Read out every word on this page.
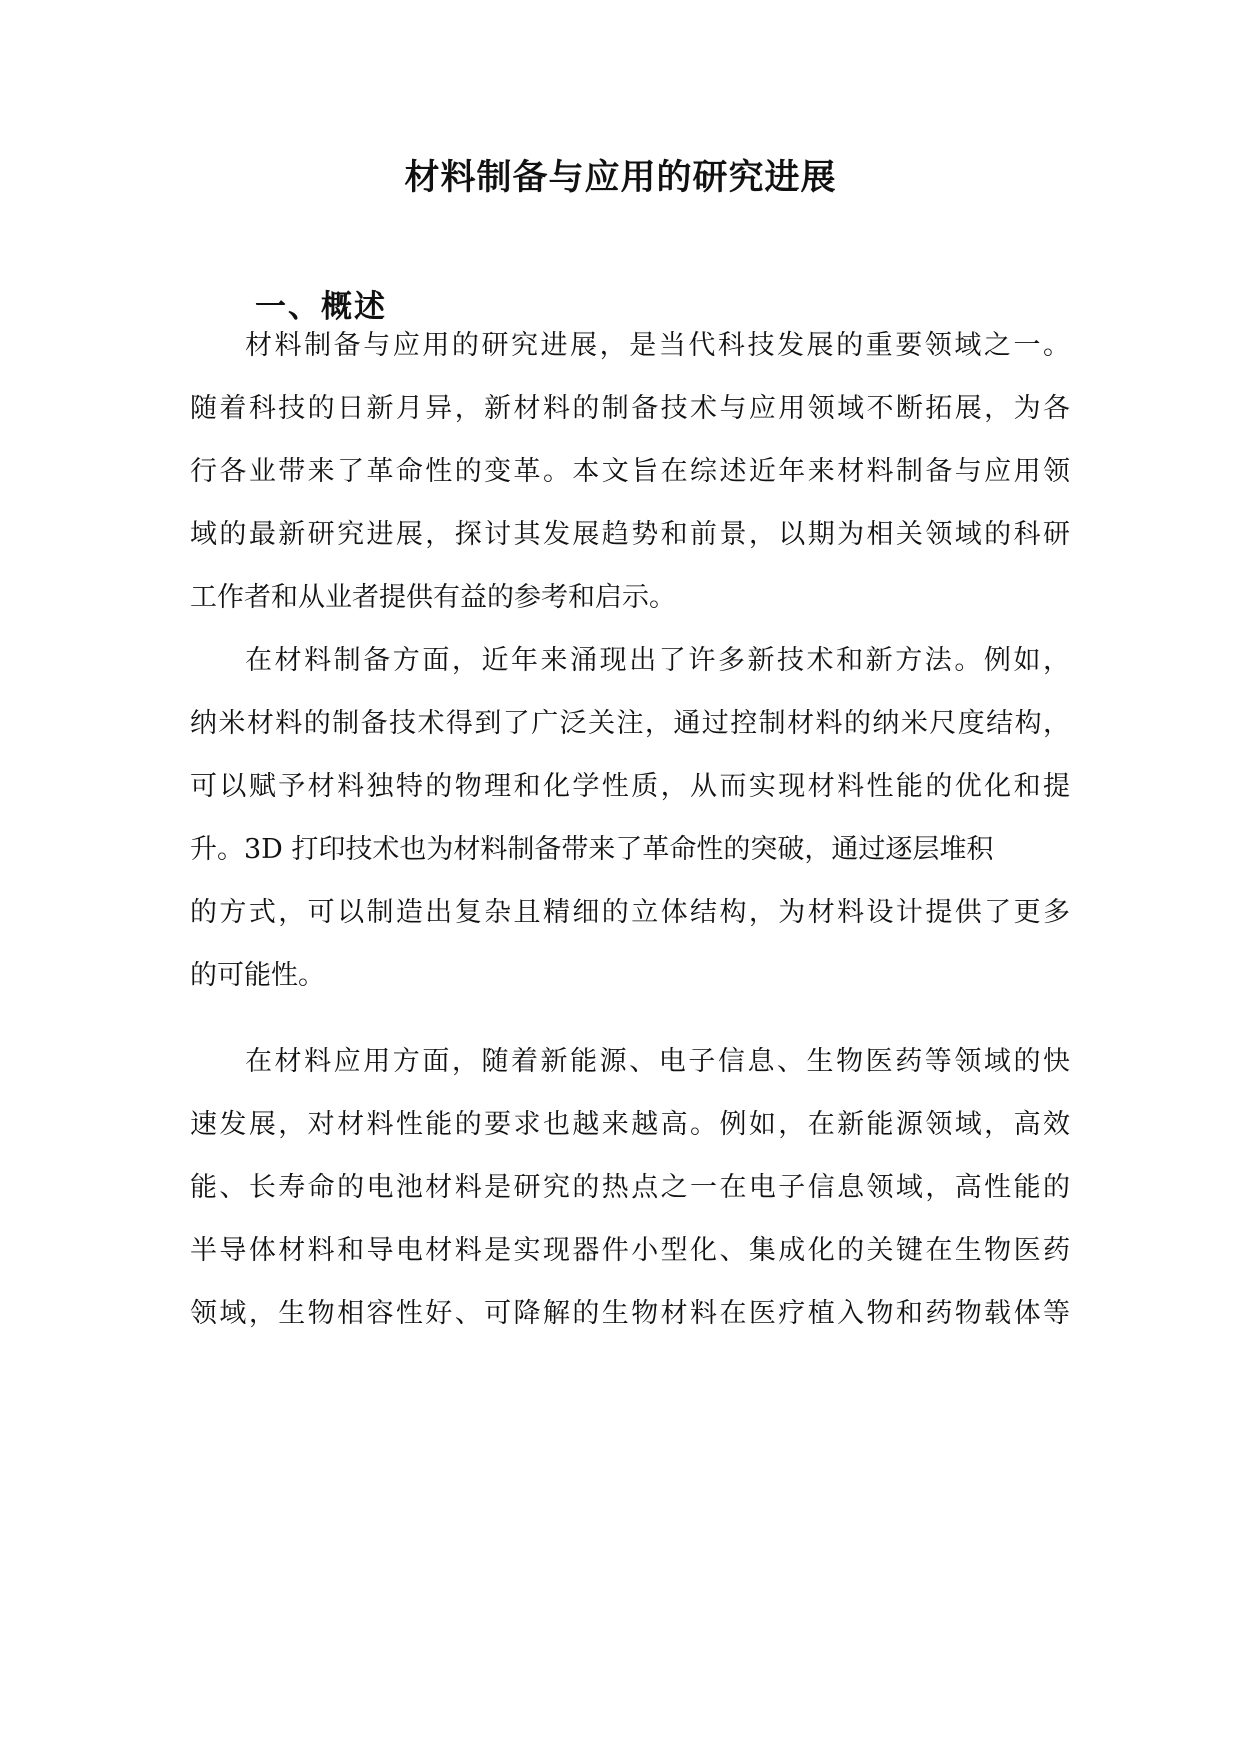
材料制备与应用的研究进展
一、概述
材料制备与应用的研究进展，是当代科技发展的重要领域之一。
随着科技的日新月异，新材料的制备技术与应用领域不断拓展，为各
行各业带来了革命性的变革。本文旨在综述近年来材料制备与应用领
域的最新研究进展，探讨其发展趋势和前景，以期为相关领域的科研
工作者和从业者提供有益的参考和启示。
在材料制备方面，近年来涌现出了许多新技术和新方法。例如，
纳米材料的制备技术得到了广泛关注，通过控制材料的纳米尺度结构，
可以赋予材料独特的物理和化学性质，从而实现材料性能的优化和提
升。3D 打印技术也为材料制备带来了革命性的突破，通过逐层堆积
的方式，可以制造出复杂且精细的立体结构，为材料设计提供了更多
的可能性。
在材料应用方面，随着新能源、电子信息、生物医药等领域的快
速发展，对材料性能的要求也越来越高。例如，在新能源领域，高效
能、长寿命的电池材料是研究的热点之一在电子信息领域，高性能的
半导体材料和导电材料是实现器件小型化、集成化的关键在生物医药
领域，生物相容性好、可降解的生物材料在医疗植入物和药物载体等
